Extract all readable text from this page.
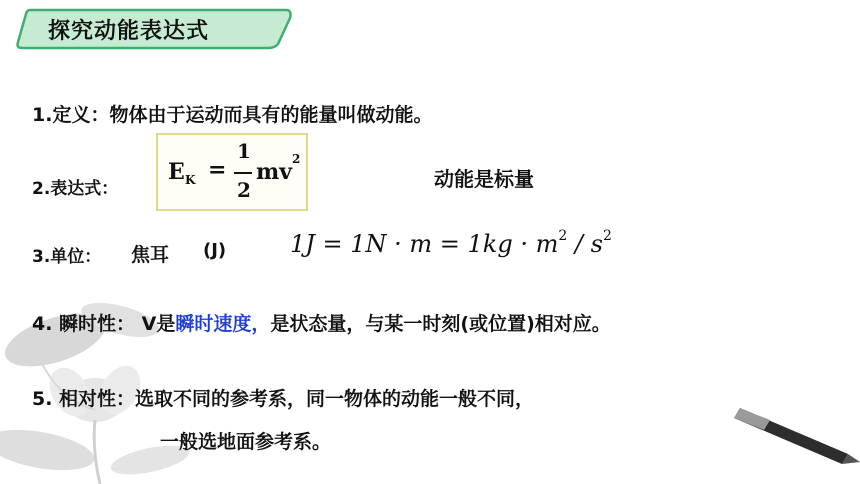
探究动能表达式
1.定义：物体由于运动而具有的能量叫做动能。
2.表达式：
E K =
1
2
mv 2
动能是标量
3.单位： 焦耳 (J)	$1J = 1N \cdot m = 1kg \cdot m^2 / s^2$
4. 瞬时性： V是瞬时速度，是状态量，与某一时刻(或位置)相对应。
5. 相对性：选取不同的参考系，同一物体的动能一般不同，
一般选地面参考系。
